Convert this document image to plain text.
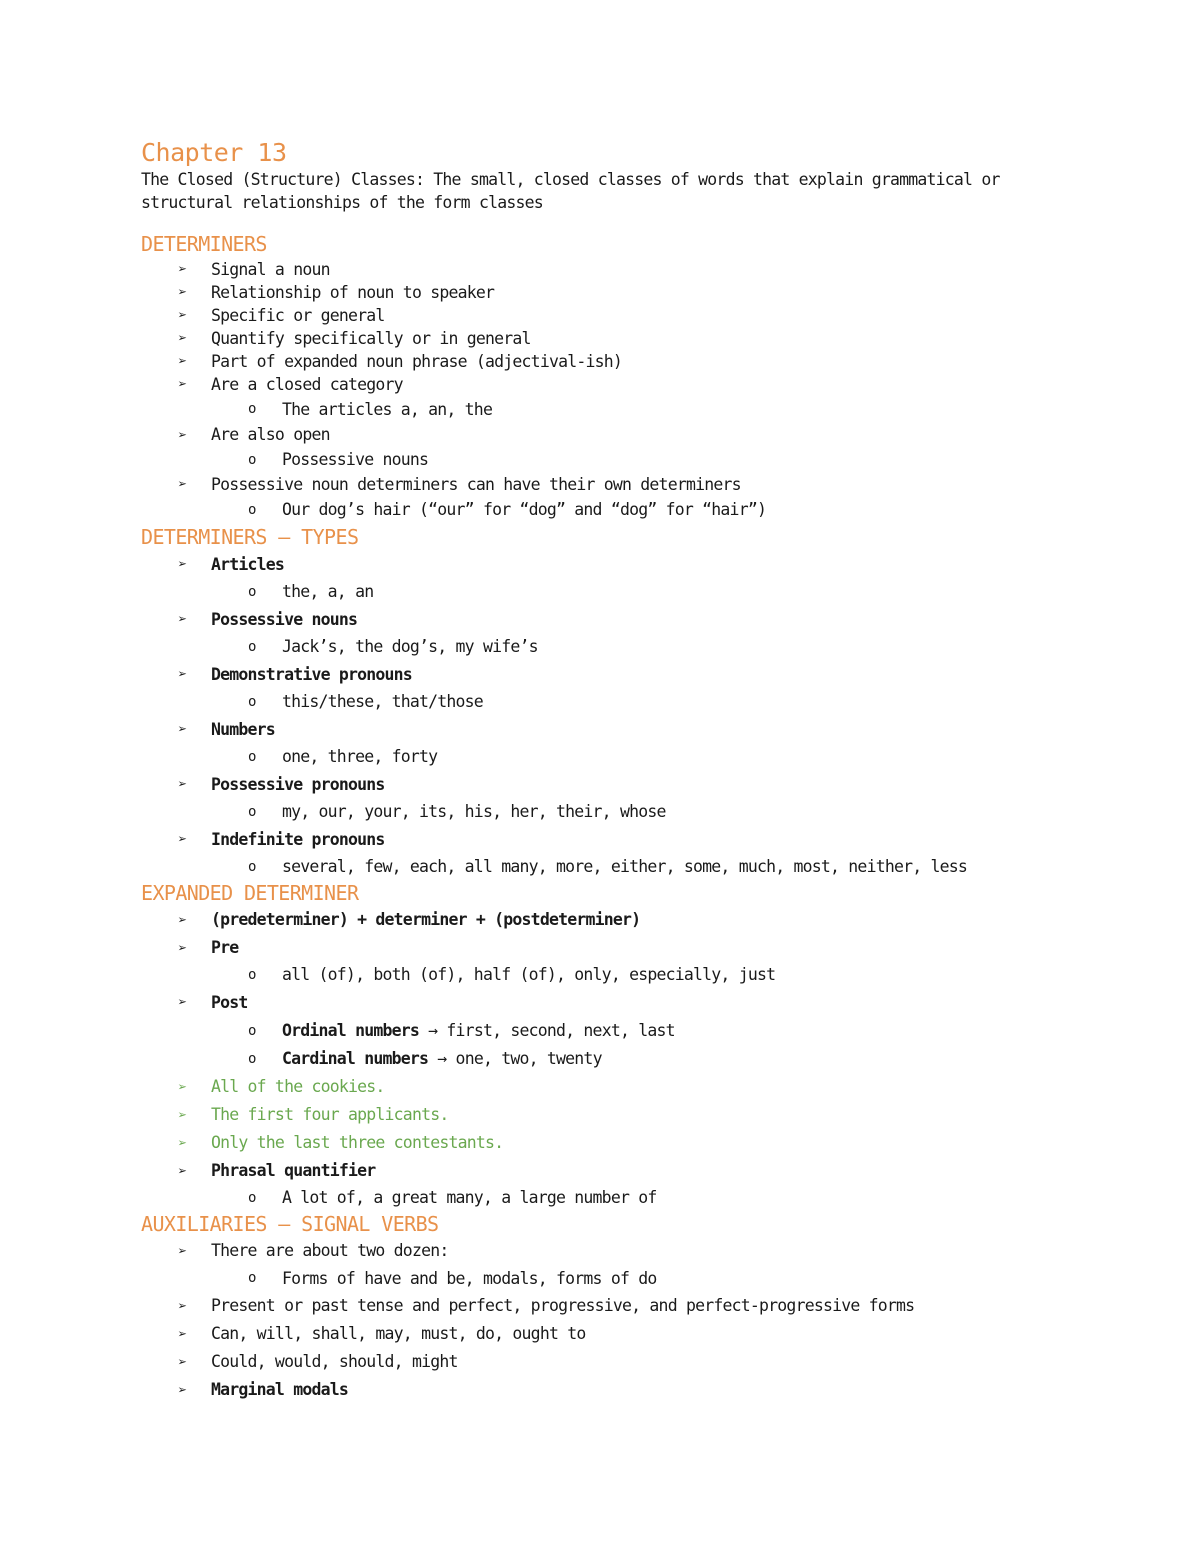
Chapter 13
The Closed (Structure) Classes: The small, closed classes of words that explain grammatical or structural relationships of the form classes
DETERMINERS
➢ Signal a noun
➢ Relationship of noun to speaker
➢ Specific or general
➢ Quantify specifically or in general
➢ Part of expanded noun phrase (adjectival-ish)
➢ Are a closed category
o The articles a, an, the
➢ Are also open
o Possessive nouns
➢ Possessive noun determiners can have their own determiners
o Our dog’s hair (“our” for “dog” and “dog” for “hair”)
DETERMINERS – TYPES
➢ Articles
o the, a, an
➢ Possessive nouns
o Jack’s, the dog’s, my wife’s
➢ Demonstrative pronouns
o this/these, that/those
➢ Numbers
o one, three, forty
➢ Possessive pronouns
o my, our, your, its, his, her, their, whose
➢ Indefinite pronouns
o several, few, each, all many, more, either, some, much, most, neither, less
EXPANDED DETERMINER
➢ (predeterminer) + determiner + (postdeterminer)
➢ Pre
o all (of), both (of), half (of), only, especially, just
➢ Post
o Ordinal numbers → first, second, next, last
o Cardinal numbers → one, two, twenty
➢ All of the cookies.
➢ The first four applicants.
➢ Only the last three contestants.
➢ Phrasal quantifier
o A lot of, a great many, a large number of
AUXILIARIES – SIGNAL VERBS
➢ There are about two dozen:
o Forms of have and be, modals, forms of do
➢ Present or past tense and perfect, progressive, and perfect-progressive forms
➢ Can, will, shall, may, must, do, ought to
➢ Could, would, should, might
➢ Marginal modals
